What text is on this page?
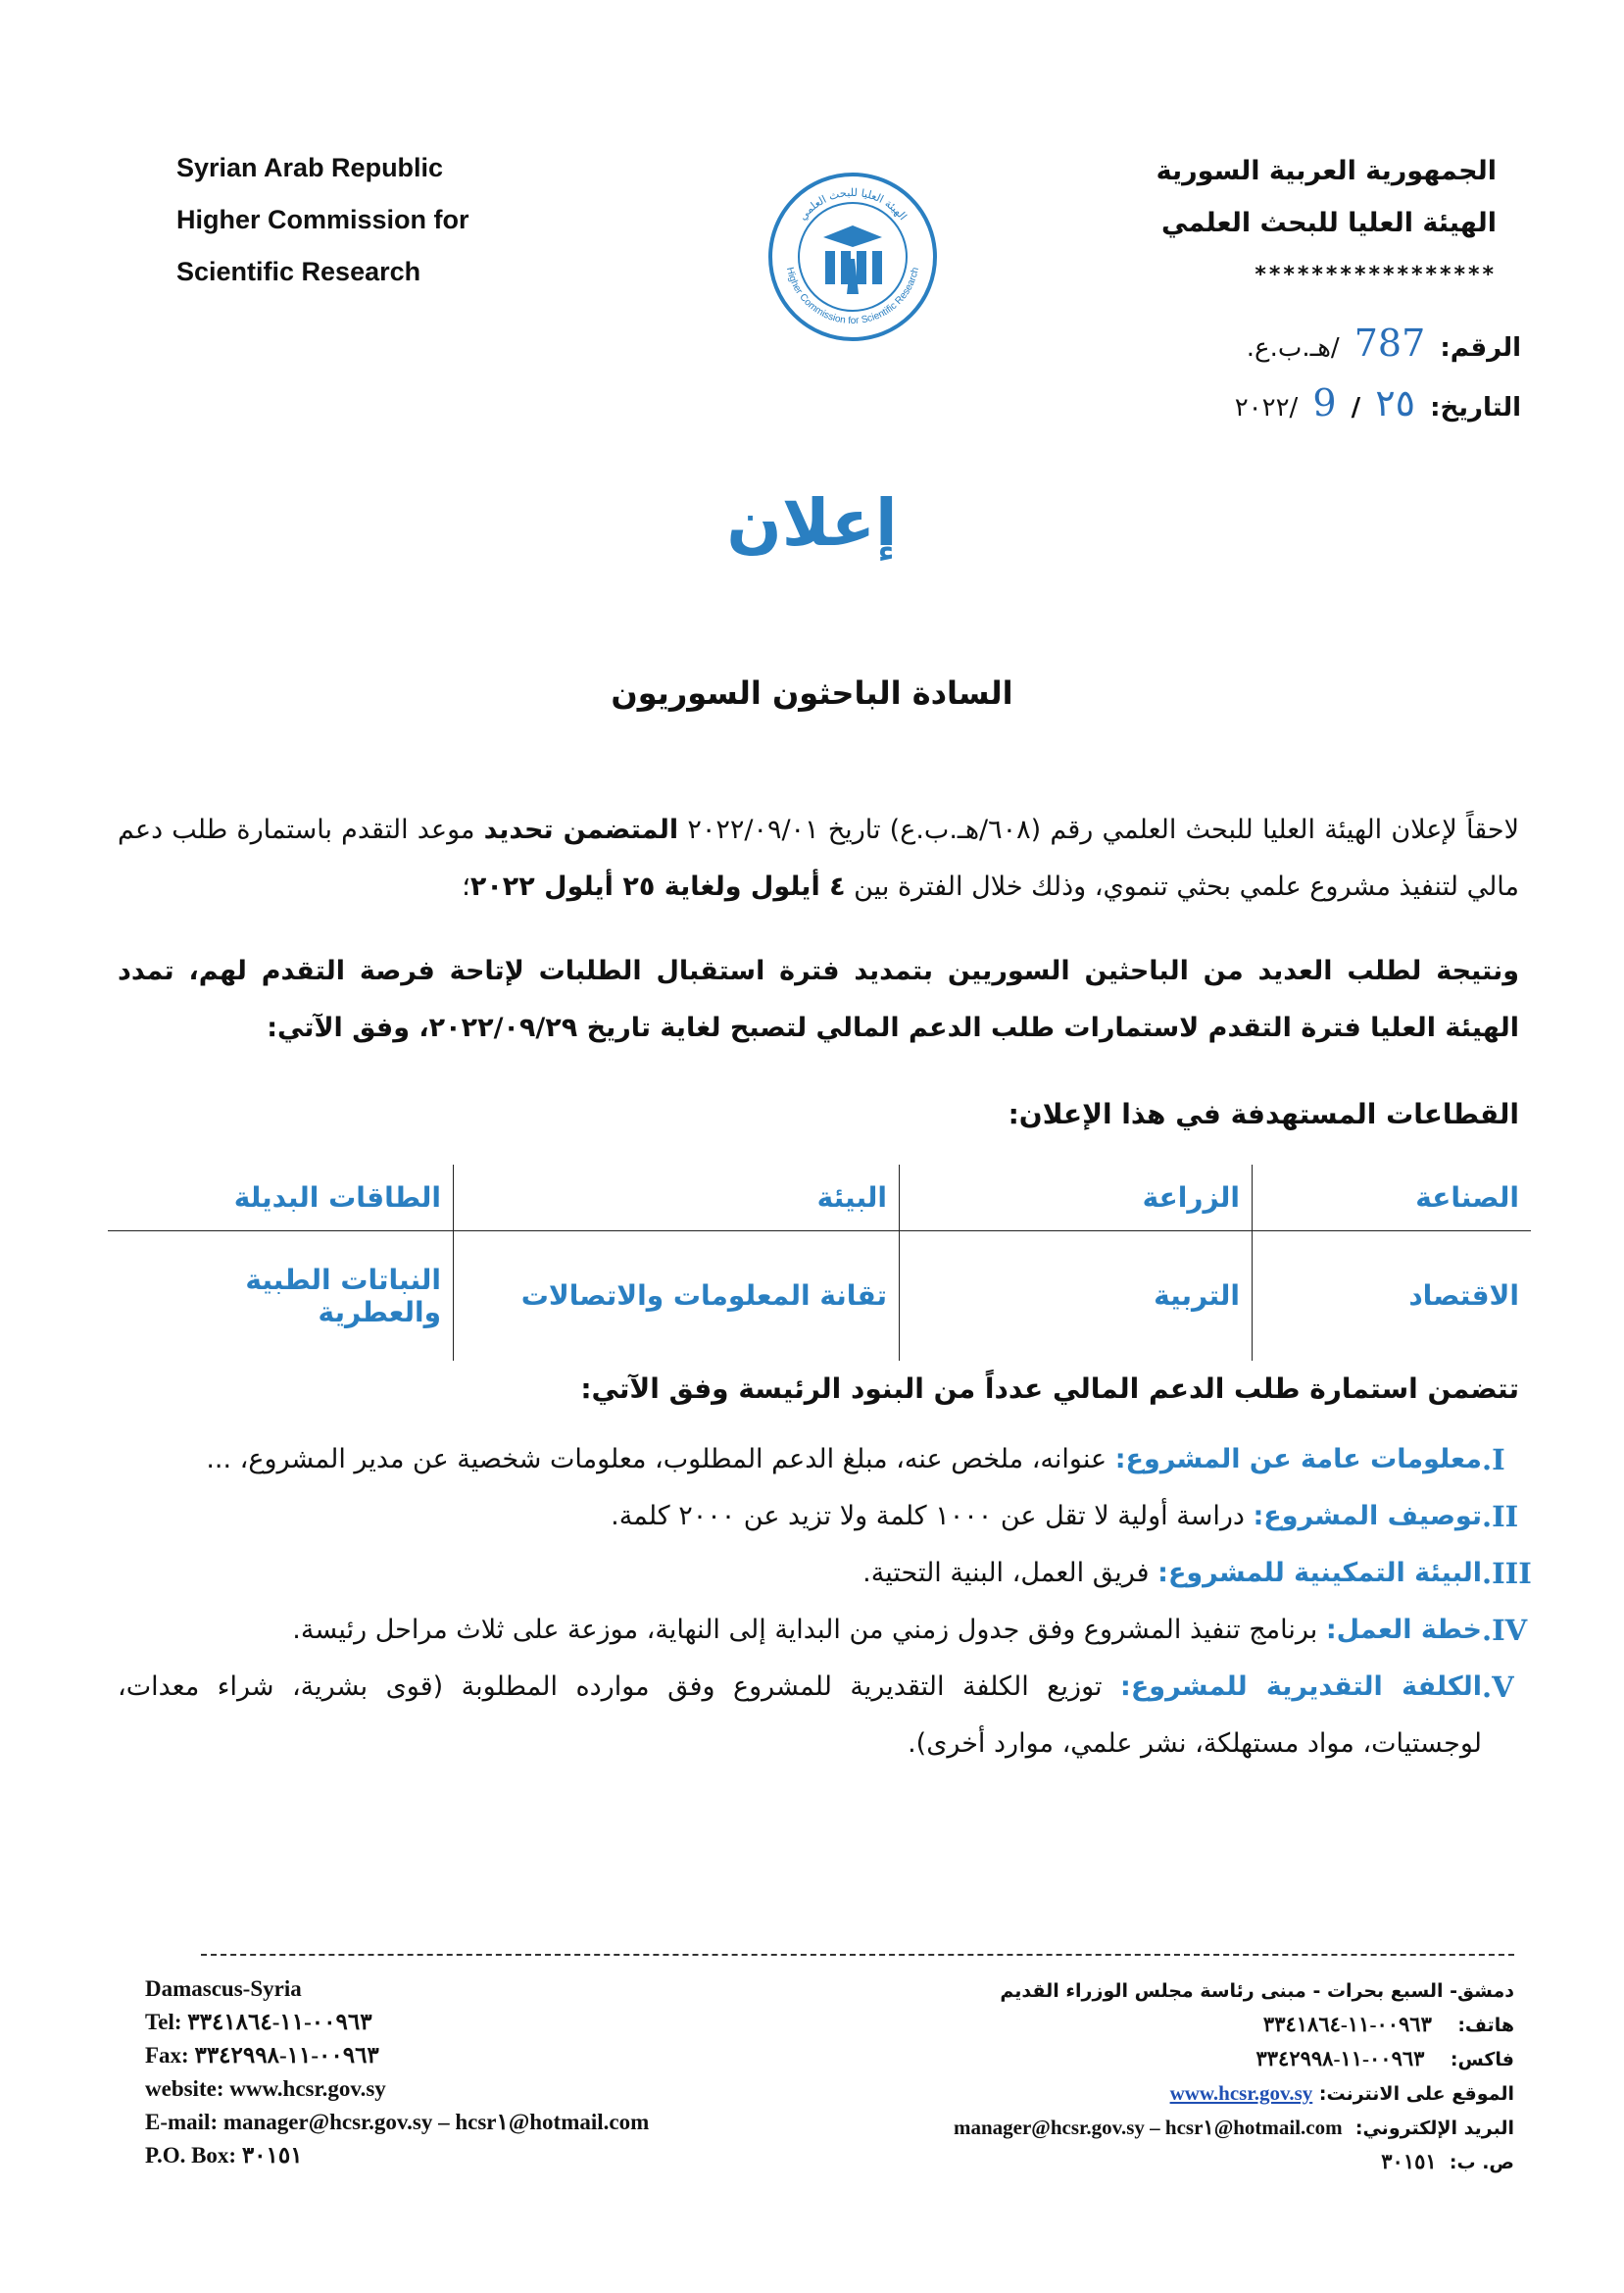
Syrian Arab Republic
Higher Commission for
Scientific Research
الهيئة العليا للبحث العلمي
Higher Commission for Scientific Research
الجمهورية العربية السورية
الهيئة العليا للبحث العلمي
*****************
الرقم: 787 /هـ.ب.ع.
التاريخ: ٢٥ / 9 /٢٠٢٢
إعلان
السادة الباحثون السوريون
لاحقاً لإعلان الهيئة العليا للبحث العلمي رقم (٦٠٨/هـ.ب.ع) تاريخ ٢٠٢٢/٠٩/٠١ المتضمن تحديد موعد التقدم باستمارة طلب دعم مالي لتنفيذ مشروع علمي بحثي تنموي، وذلك خلال الفترة بين ٤ أيلول ولغاية ٢٥ أيلول ٢٠٢٢؛
ونتيجة لطلب العديد من الباحثين السوريين بتمديد فترة استقبال الطلبات لإتاحة فرصة التقدم لهم، تمدد الهيئة العليا فترة التقدم لاستمارات طلب الدعم المالي لتصبح لغاية تاريخ ٢٠٢٢/٠٩/٢٩، وفق الآتي:
القطاعات المستهدفة في هذا الإعلان:
الصناعة	الزراعة	البيئة	الطاقات البديلة
الاقتصاد	التربية	تقانة المعلومات والاتصالات	النباتات الطبية والعطرية
تتضمن استمارة طلب الدعم المالي عدداً من البنود الرئيسة وفق الآتي:
I.
معلومات عامة عن المشروع: عنوانه، ملخص عنه، مبلغ الدعم المطلوب، معلومات شخصية عن مدير المشروع، ...
II.
توصيف المشروع: دراسة أولية لا تقل عن ١٠٠٠ كلمة ولا تزيد عن ٢٠٠٠ كلمة.
III.
البيئة التمكينية للمشروع: فريق العمل، البنية التحتية.
IV.
خطة العمل: برنامج تنفيذ المشروع وفق جدول زمني من البداية إلى النهاية، موزعة على ثلاث مراحل رئيسة.
V.
الكلفة التقديرية للمشروع: توزيع الكلفة التقديرية للمشروع وفق موارده المطلوبة (قوى بشرية، شراء معدات، لوجستيات، مواد مستهلكة، نشر علمي، موارد أخرى).
Damascus-Syria
Tel: ٠٠٩٦٣-١١-٣٣٤١٨٦٤
Fax: ٠٠٩٦٣-١١-٣٣٤٢٩٩٨
website: www.hcsr.gov.sy
E-mail: manager@hcsr.gov.sy – hcsr١@hotmail.com
P.O. Box: ٣٠١٥١
دمشق- السبع بحرات - مبنى رئاسة مجلس الوزراء القديم
هاتف:    ٠٠٩٦٣-١١-٣٣٤١٨٦٤
فاكس:    ٠٠٩٦٣-١١-٣٣٤٢٩٩٨
الموقع على الانترنت: www.hcsr.gov.sy
البريد الإلكتروني:  manager@hcsr.gov.sy – hcsr١@hotmail.com
ص. ب:  ٣٠١٥١
